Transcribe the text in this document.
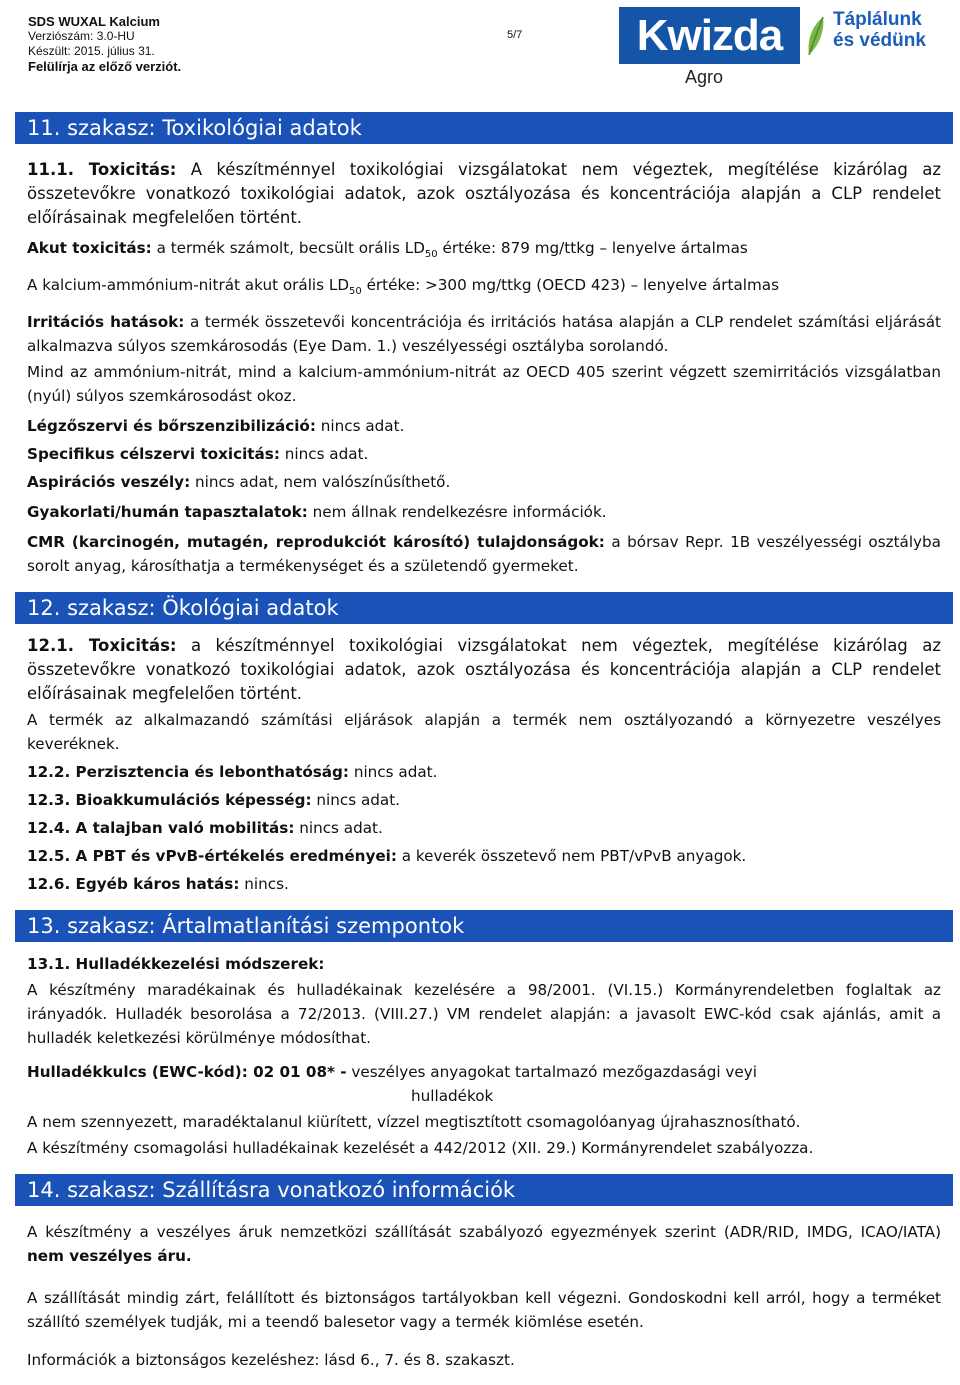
SDS WUXAL Kalcium
Verziószám: 3.0-HU
Készült: 2015. július 31.
Felülírja az előző verziót.
5/7	Kwizda
Agro
Táplálunk
és védünk
11. szakasz: Toxikológiai adatok

11.1. Toxicitás: A készítménnyel toxikológiai vizsgálatokat nem végeztek, megítélése kizárólag az összetevőkre vonatkozó toxikológiai adatok, azok osztályozása és koncentrációja alapján a CLP rendelet előírásainak megfelelően történt.

Akut toxicitás: a termék számolt, becsült orális $LD_{50}$ értéke: 879 mg/ttkg – lenyelve ártalmas

A kalcium-ammónium-nitrát akut orális $LD_{50}$ értéke: >300 mg/ttkg (OECD 423) – lenyelve ártalmas

Irritációs hatások: a termék összetevői koncentrációja és irritációs hatása alapján a CLP rendelet számítási eljárását alkalmazva súlyos szemkárosodás (Eye Dam. 1.) veszélyességi osztályba sorolandó.

Mind az ammónium-nitrát, mind a kalcium-ammónium-nitrát az OECD 405 szerint végzett szemirritációs vizsgálatban (nyúl) súlyos szemkárosodást okoz.

Légzőszervi és bőrszenzibilizáció: nincs adat.

Specifikus célszervi toxicitás: nincs adat.

Aspirációs veszély: nincs adat, nem valószínűsíthető.

Gyakorlati/humán tapasztalatok: nem állnak rendelkezésre információk.

CMR (karcinogén, mutagén, reprodukciót károsító) tulajdonságok: a bórsav Repr. 1B veszélyességi osztályba sorolt anyag, károsíthatja a termékenységet és a születendő gyermeket.

12. szakasz: Ökológiai adatok

12.1. Toxicitás: a készítménnyel toxikológiai vizsgálatokat nem végeztek, megítélése kizárólag az összetevőkre vonatkozó toxikológiai adatok, azok osztályozása és koncentrációja alapján a CLP rendelet előírásainak megfelelően történt.

A termék az alkalmazandó számítási eljárások alapján a termék nem osztályozandó a környezetre veszélyes keveréknek.

12.2. Perzisztencia és lebonthatóság: nincs adat.

12.3. Bioakkumulációs képesség: nincs adat.

12.4. A talajban való mobilitás: nincs adat.

12.5. A PBT és vPvB-értékelés eredményei: a keverék összetevő nem PBT/vPvB anyagok.

12.6. Egyéb káros hatás: nincs.

13. szakasz: Ártalmatlanítási szempontok

13.1. Hulladékkezelési módszerek:

A készítmény maradékainak és hulladékainak kezelésére a 98/2001. (VI.15.) Kormányrendeletben foglaltak az irányadók. Hulladék besorolása a 72/2013. (VIII.27.) VM rendelet alapján: a javasolt EWC-kód csak ajánlás, amit a hulladék keletkezési körülménye módosíthat.

Hulladékkulcs (EWC-kód): 02 01 08* - veszélyes anyagokat tartalmazó mezőgazdasági veyi

hulladékok

A nem szennyezett, maradéktalanul kiürített, vízzel megtisztított csomagolóanyag újrahasznosítható.

A készítmény csomagolási hulladékainak kezelését a 442/2012 (XII. 29.) Kormányrendelet szabályozza.

14. szakasz: Szállításra vonatkozó információk

A készítmény a veszélyes áruk nemzetközi szállítását szabályozó egyezmények szerint (ADR/RID, IMDG, ICAO/IATA) nem veszélyes áru.

A szállítását mindig zárt, felállított és biztonságos tartályokban kell végezni. Gondoskodni kell arról, hogy a terméket szállító személyek tudják, mi a teendő balesetor vagy a termék kiömlése esetén.

Információk a biztonságos kezeléshez: lásd 6., 7. és 8. szakaszt.
